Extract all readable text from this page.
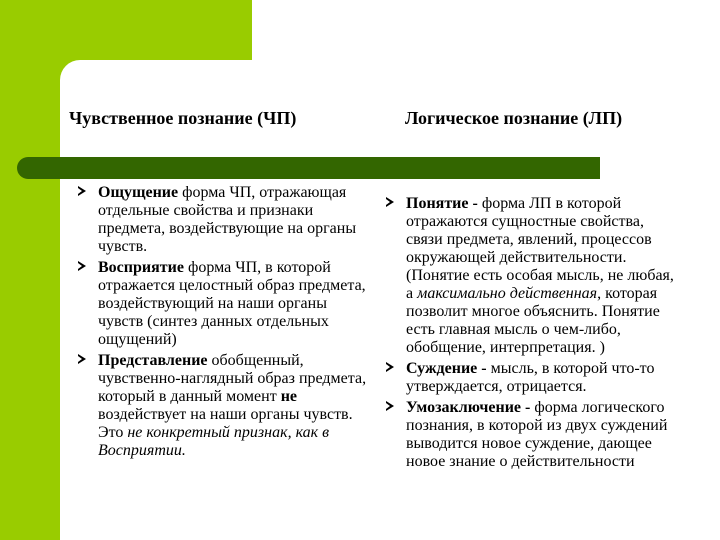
Чувственное познание (ЧП)	Логическое познание (ЛП)
Ощущение форма ЧП, отражающая отдельные свойства и признаки предмета, воздействующие на органы чувств.
Восприятие форма ЧП, в которой отражается целостный образ предмета, воздействующий на наши органы чувств (синтез данных отдельных ощущений)
Представление обобщенный, чувственно-наглядный образ предмета, который в данный момент не воздействует на наши органы чувств. Это не конкретный признак, как в Восприятии.
Понятие - форма ЛП в которой отражаются сущностные свойства, связи предмета, явлений, процессов окружающей действительности. (Понятие есть особая мысль, не любая, а максимально действенная, которая позволит многое объяснить. Понятие есть главная мысль о чем-либо, обобщение, интерпретация. )
Суждение - мысль, в которой что-то утверждается, отрицается.
Умозаключение - форма логического познания, в которой из двух суждений выводится новое суждение, дающее новое знание о действительности
